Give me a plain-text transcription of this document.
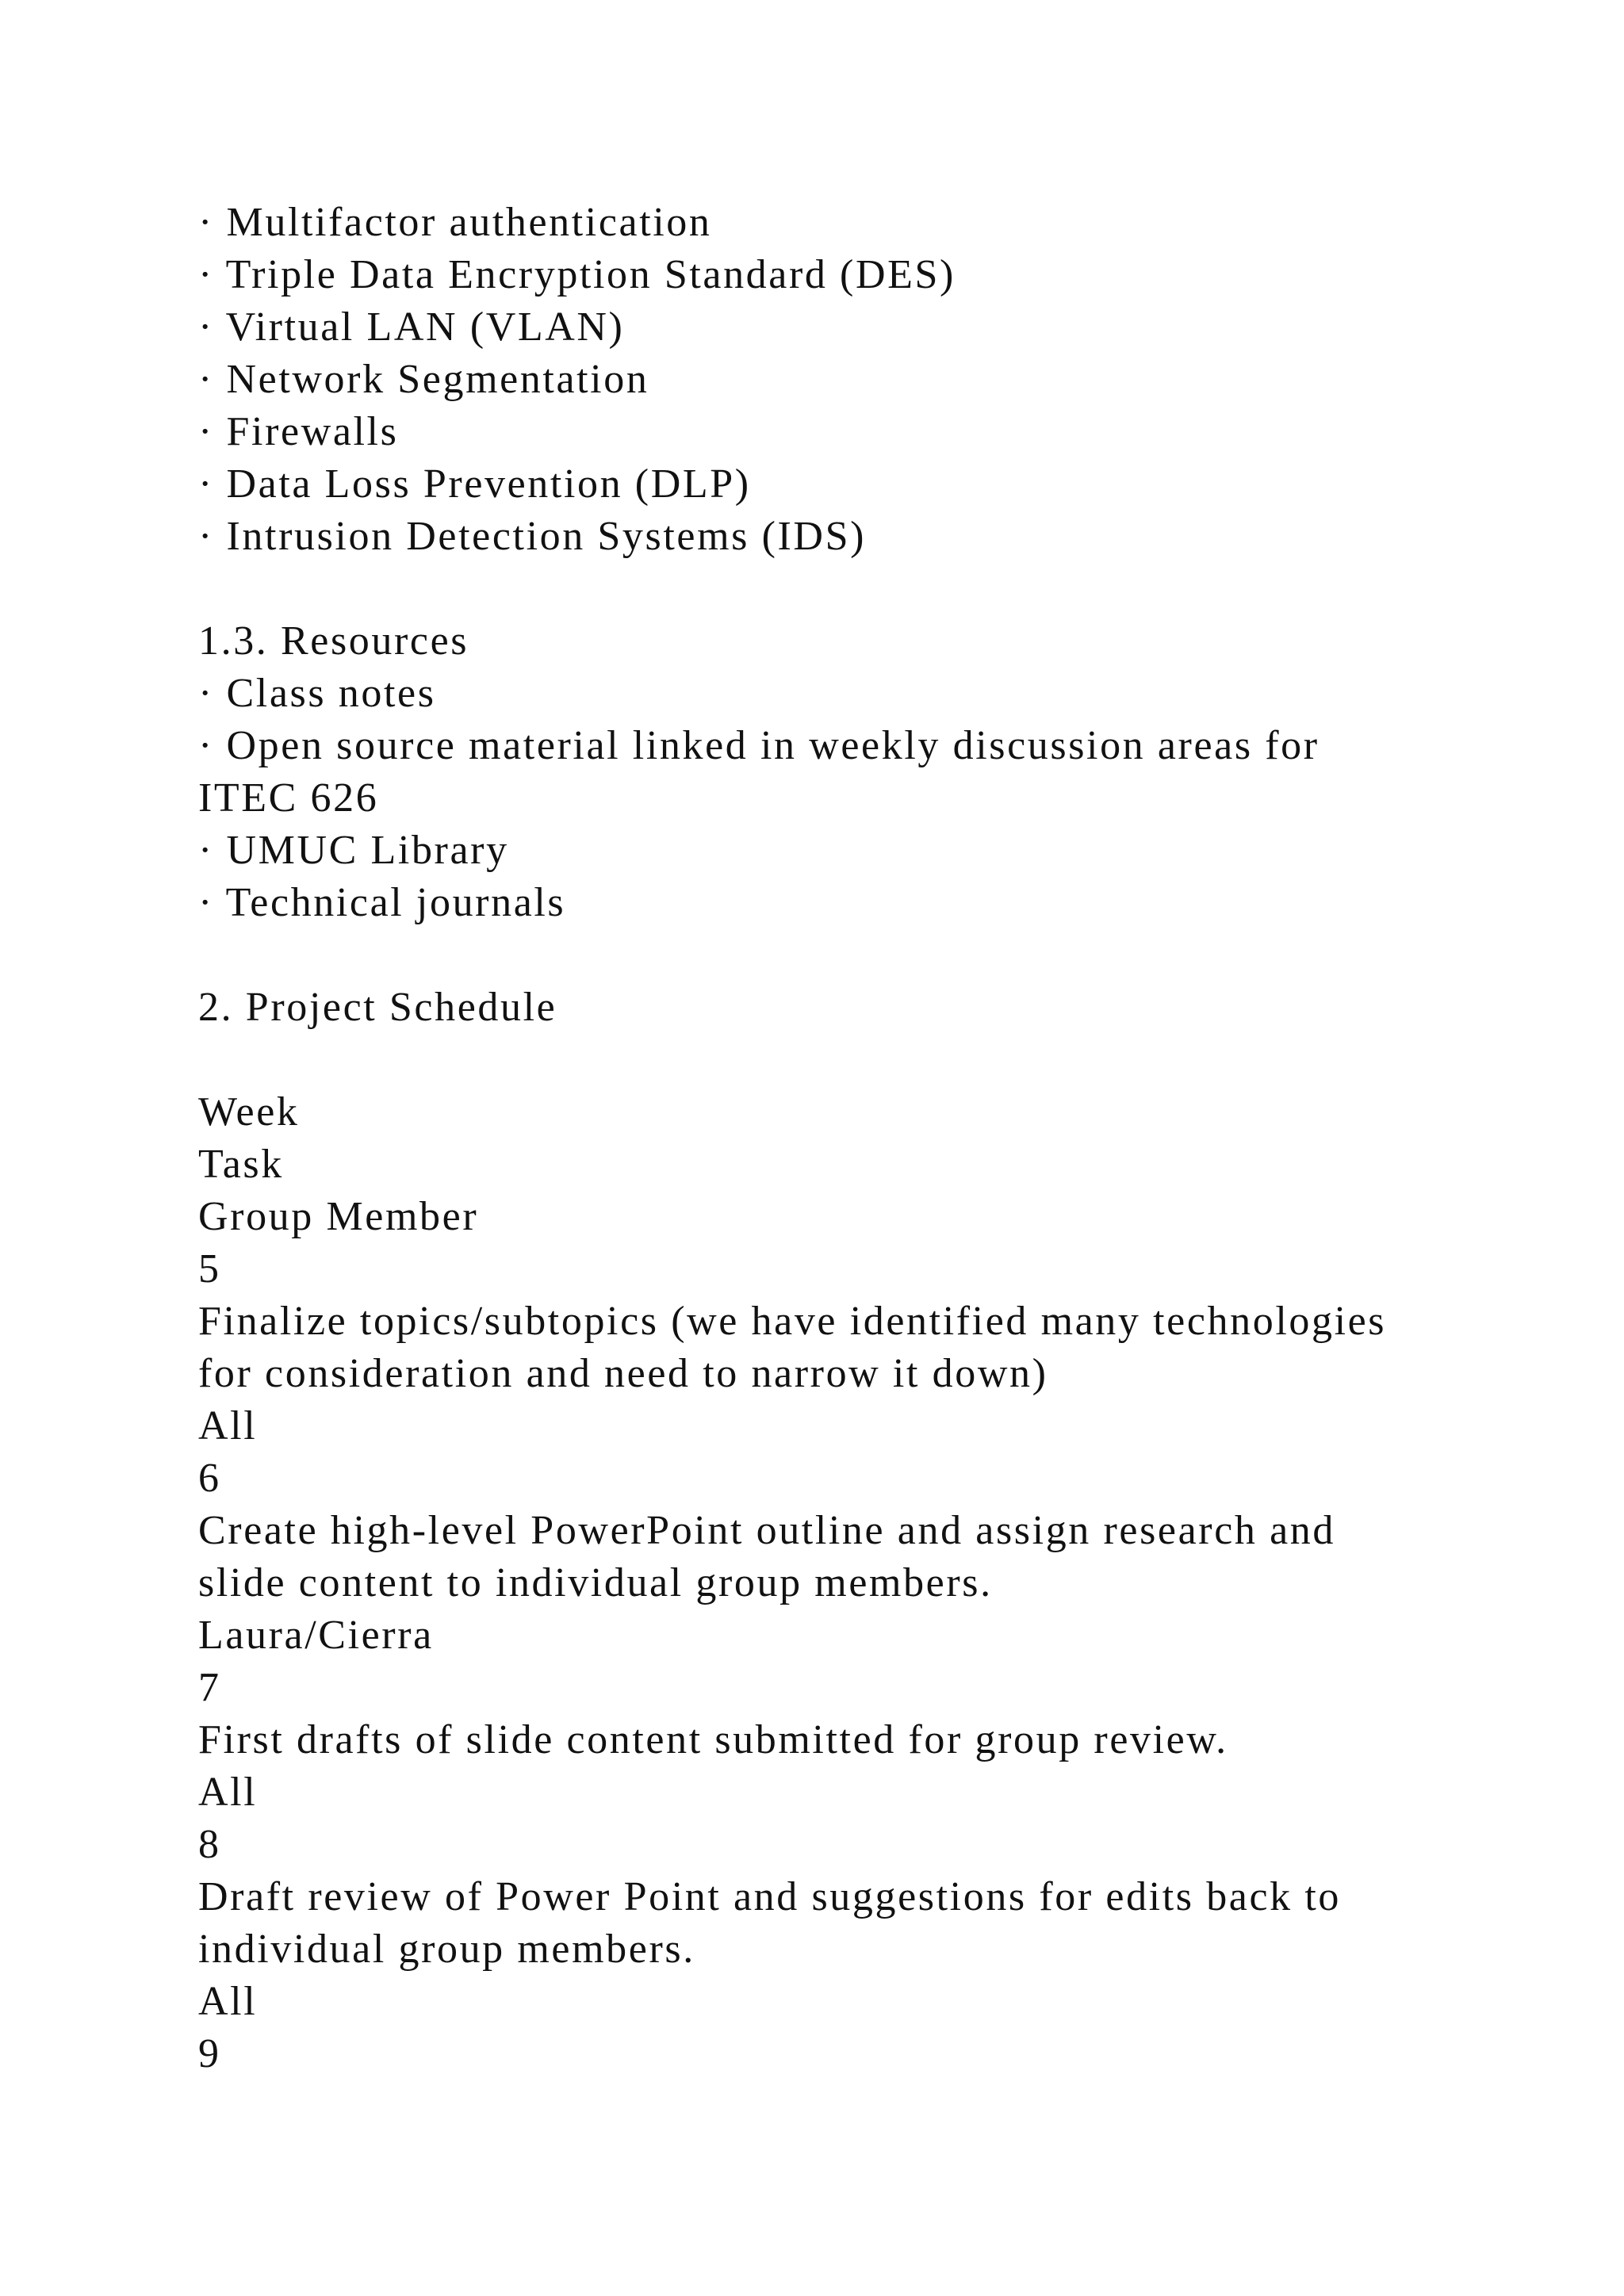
· Multifactor authentication
· Triple Data Encryption Standard (DES)
· Virtual LAN (VLAN)
· Network Segmentation
· Firewalls
· Data Loss Prevention (DLP)
· Intrusion Detection Systems (IDS)
1.3. Resources
· Class notes
· Open source material linked in weekly discussion areas for
ITEC 626
· UMUC Library
· Technical journals
2. Project Schedule
Week
Task
Group Member
5
Finalize topics/subtopics (we have identified many technologies
for consideration and need to narrow it down)
All
6
Create high-level PowerPoint outline and assign research and
slide content to individual group members.
Laura/Cierra
7
First drafts of slide content submitted for group review.
All
8
Draft review of Power Point and suggestions for edits back to
individual group members.
All
9
